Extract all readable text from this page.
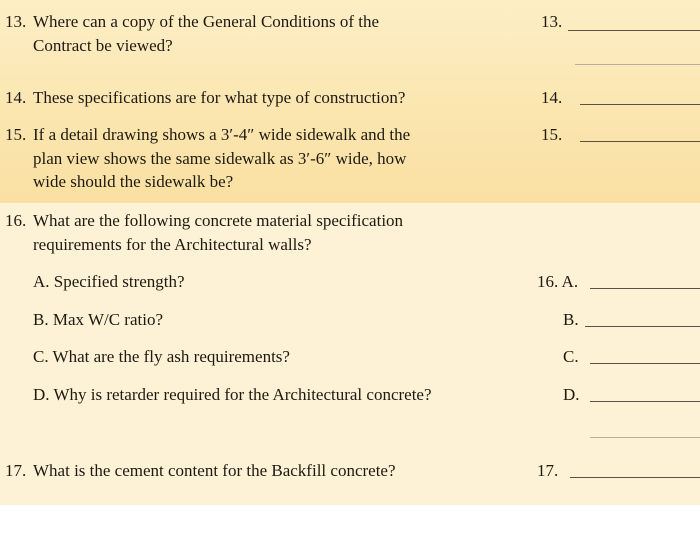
13. Where can a copy of the General Conditions of the
Contract be viewed?
13.
14. These specifications are for what type of construction?	14.
15. If a detail drawing shows a 3′-4″ wide sidewalk and the
plan view shows the same sidewalk as 3′-6″ wide, how
wide should the sidewalk be?
15.
16. What are the following concrete material specification
requirements for the Architectural walls?
A. Specified strength?	16. A.
B. Max W/C ratio?	B.
C. What are the fly ash requirements?	C.
D. Why is retarder required for the Architectural concrete?	D.
17. What is the cement content for the Backfill concrete?	17.
